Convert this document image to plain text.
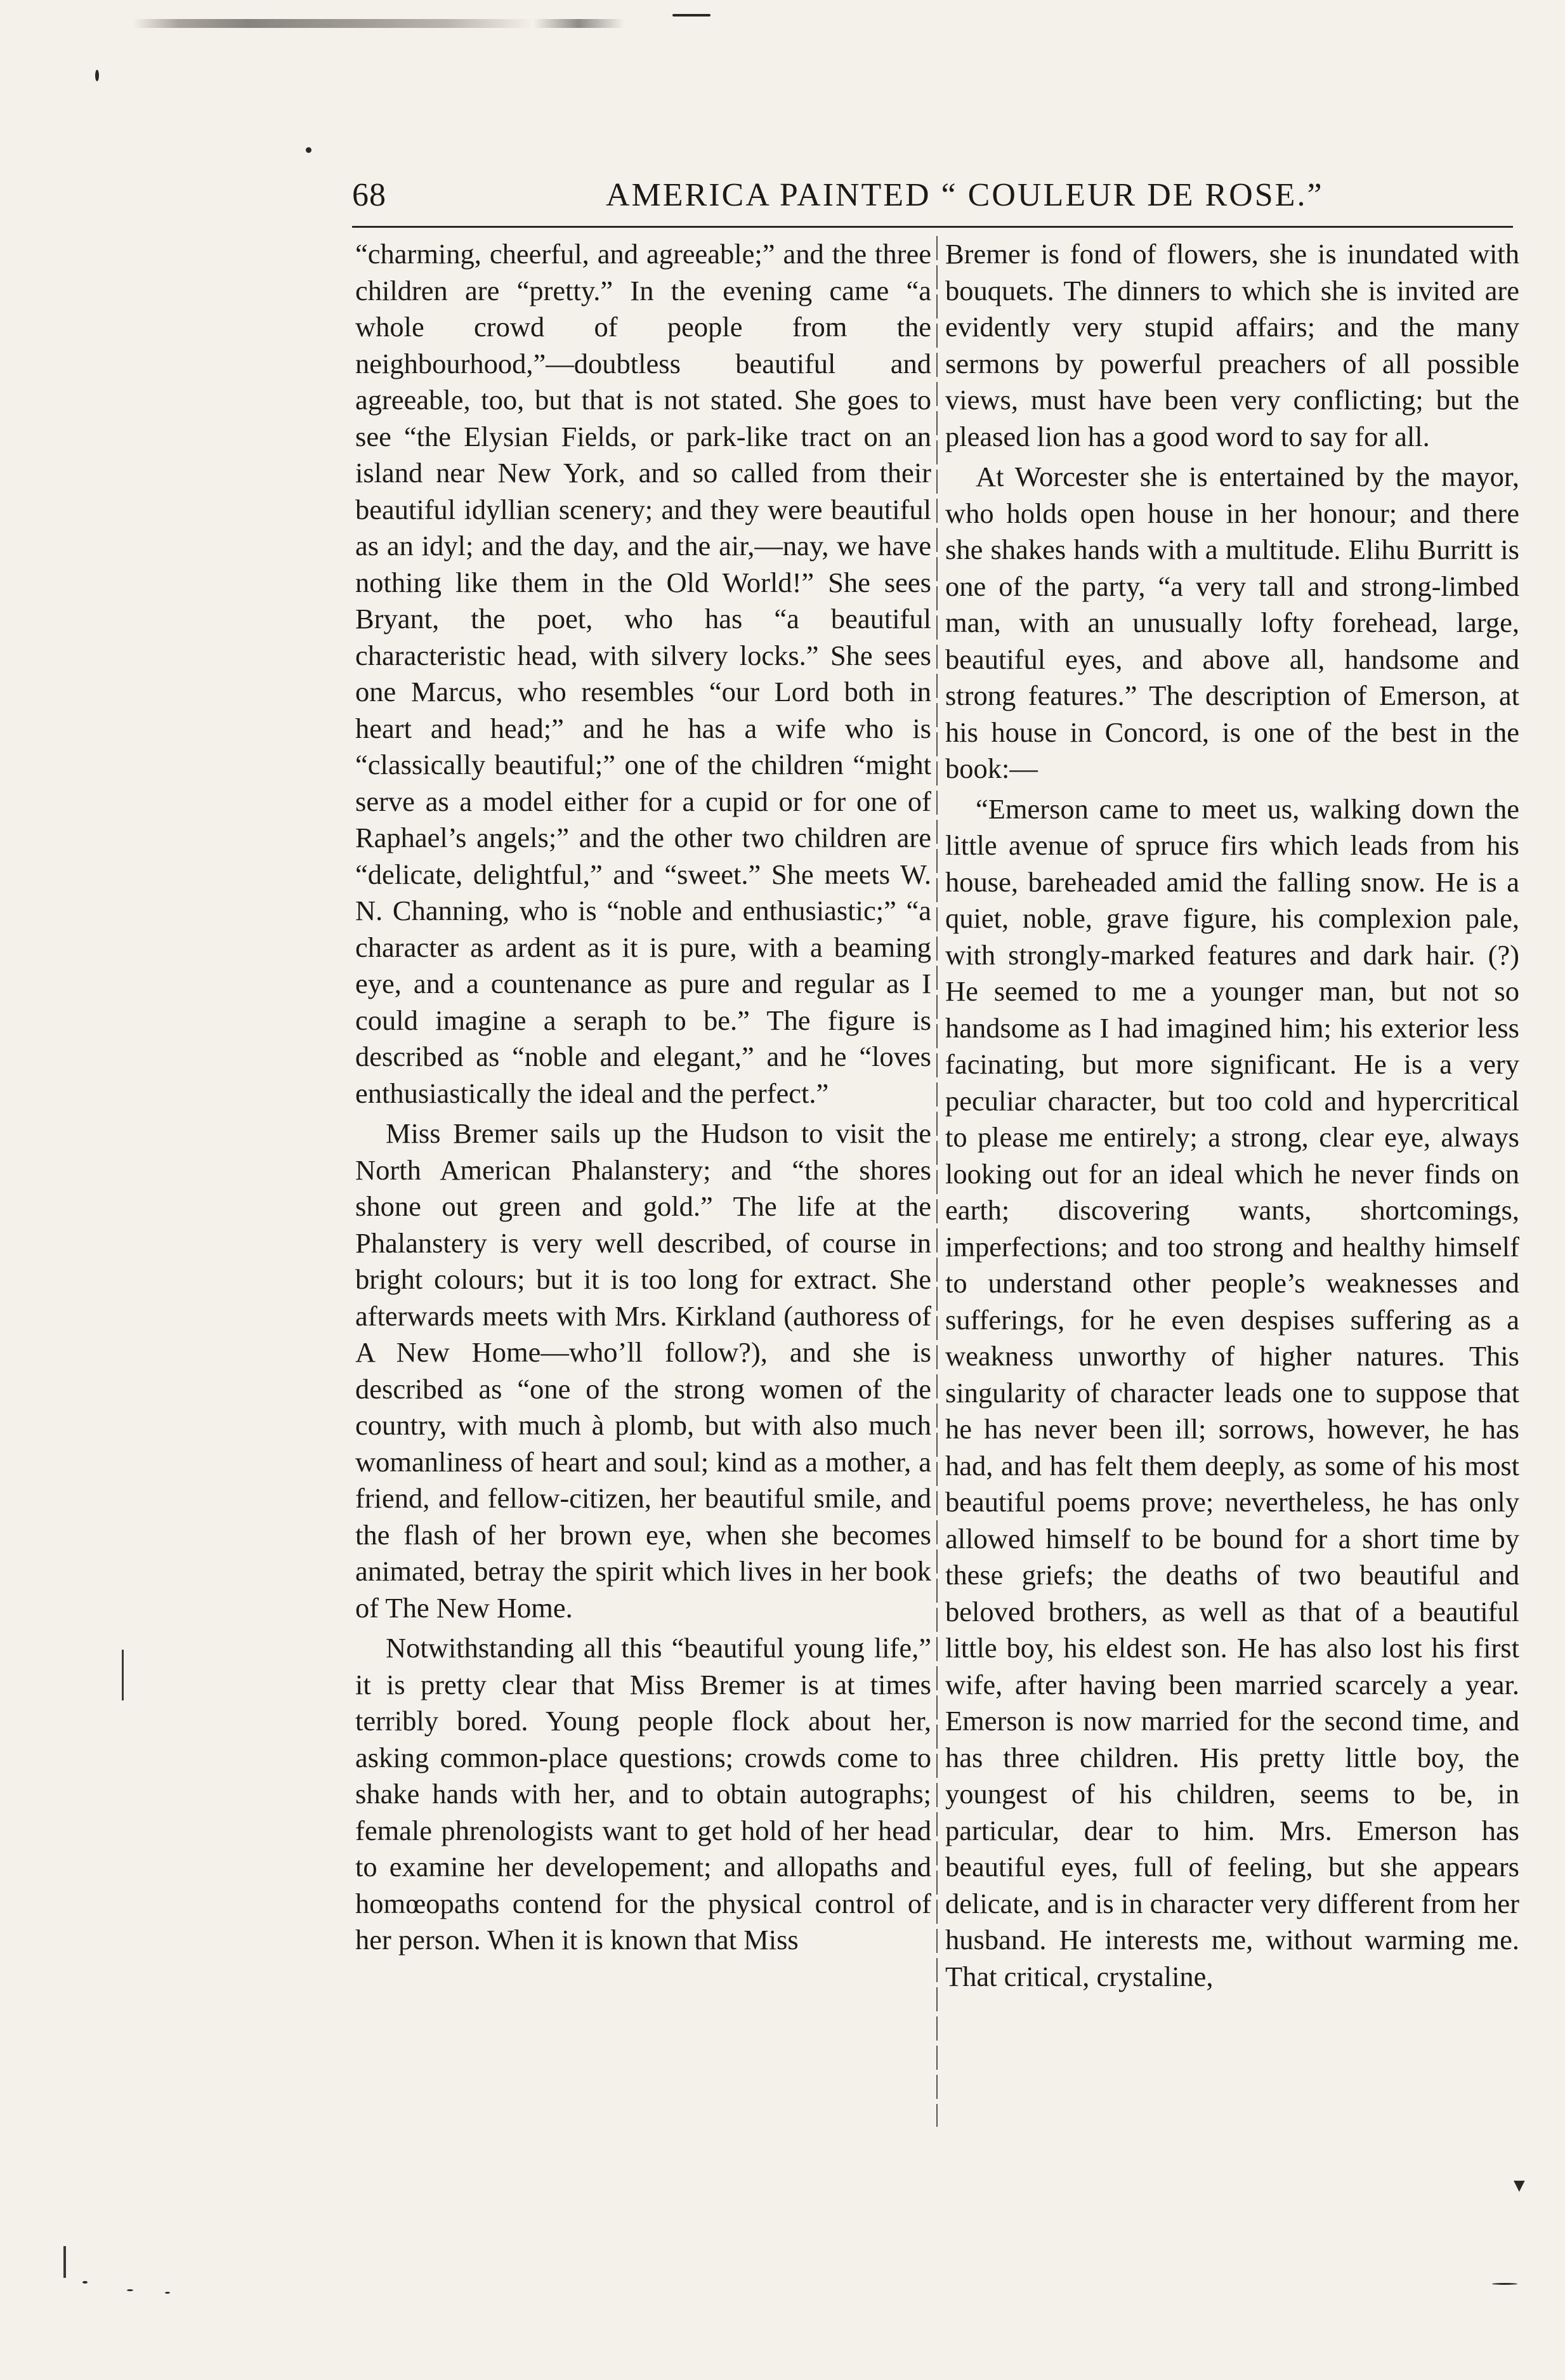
68	AMERICA PAINTED “ COULEUR DE ROSE.”

“charming, cheerful, and agreeable;” and the three children are “pretty.” In the evening came “a whole crowd of people from the neighbourhood,”—doubtless beautiful and agreeable, too, but that is not stated. She goes to see “the Elysian Fields, or park-like tract on an island near New York, and so called from their beautiful idyllian scenery; and they were beautiful as an idyl; and the day, and the air,—nay, we have nothing like them in the Old World!” She sees Bryant, the poet, who has “a beautiful characteristic head, with silvery locks.” She sees one Marcus, who resembles “our Lord both in heart and head;” and he has a wife who is “classically beautiful;” one of the children “might serve as a model either for a cupid or for one of Raphael’s angels;” and the other two children are “delicate, delightful,” and “sweet.” She meets W. N. Channing, who is “noble and enthusiastic;” “a character as ardent as it is pure, with a beaming eye, and a countenance as pure and regular as I could imagine a seraph to be.” The figure is described as “noble and elegant,” and he “loves enthusiastically the ideal and the perfect.”

Miss Bremer sails up the Hudson to visit the North American Phalanstery; and “the shores shone out green and gold.” The life at the Phalanstery is very well described, of course in bright colours; but it is too long for extract. She afterwards meets with Mrs. Kirkland (authoress of A New Home—who’ll follow?), and she is described as “one of the strong women of the country, with much à plomb, but with also much womanliness of heart and soul; kind as a mother, a friend, and fellow-citizen, her beautiful smile, and the flash of her brown eye, when she becomes animated, betray the spirit which lives in her book of The New Home.

Notwithstanding all this “beautiful young life,” it is pretty clear that Miss Bremer is at times terribly bored. Young people flock about her, asking common-place questions; crowds come to shake hands with her, and to obtain autographs; female phrenologists want to get hold of her head to examine her developement; and allopaths and homœopaths contend for the physical control of her person. When it is known that Miss

Bremer is fond of flowers, she is inundated with bouquets. The dinners to which she is invited are evidently very stupid affairs; and the many sermons by powerful preachers of all possible views, must have been very conflicting; but the pleased lion has a good word to say for all.

At Worcester she is entertained by the mayor, who holds open house in her honour; and there she shakes hands with a multitude. Elihu Burritt is one of the party, “a very tall and strong-limbed man, with an unusually lofty forehead, large, beautiful eyes, and above all, handsome and strong features.” The description of Emerson, at his house in Concord, is one of the best in the book:—

“Emerson came to meet us, walking down the little avenue of spruce firs which leads from his house, bareheaded amid the falling snow. He is a quiet, noble, grave figure, his complexion pale, with strongly-marked features and dark hair. (?) He seemed to me a younger man, but not so handsome as I had imagined him; his exterior less facinating, but more significant. He is a very peculiar character, but too cold and hypercritical to please me entirely; a strong, clear eye, always looking out for an ideal which he never finds on earth; discovering wants, shortcomings, imperfections; and too strong and healthy himself to understand other people’s weaknesses and sufferings, for he even despises suffering as a weakness unworthy of higher natures. This singularity of character leads one to suppose that he has never been ill; sorrows, however, he has had, and has felt them deeply, as some of his most beautiful poems prove; nevertheless, he has only allowed himself to be bound for a short time by these griefs; the deaths of two beautiful and beloved brothers, as well as that of a beautiful little boy, his eldest son. He has also lost his first wife, after having been married scarcely a year. Emerson is now married for the second time, and has three children. His pretty little boy, the youngest of his children, seems to be, in particular, dear to him. Mrs. Emerson has beautiful eyes, full of feeling, but she appears delicate, and is in character very different from her husband. He interests me, without warming me. That critical, crystaline,

▼
